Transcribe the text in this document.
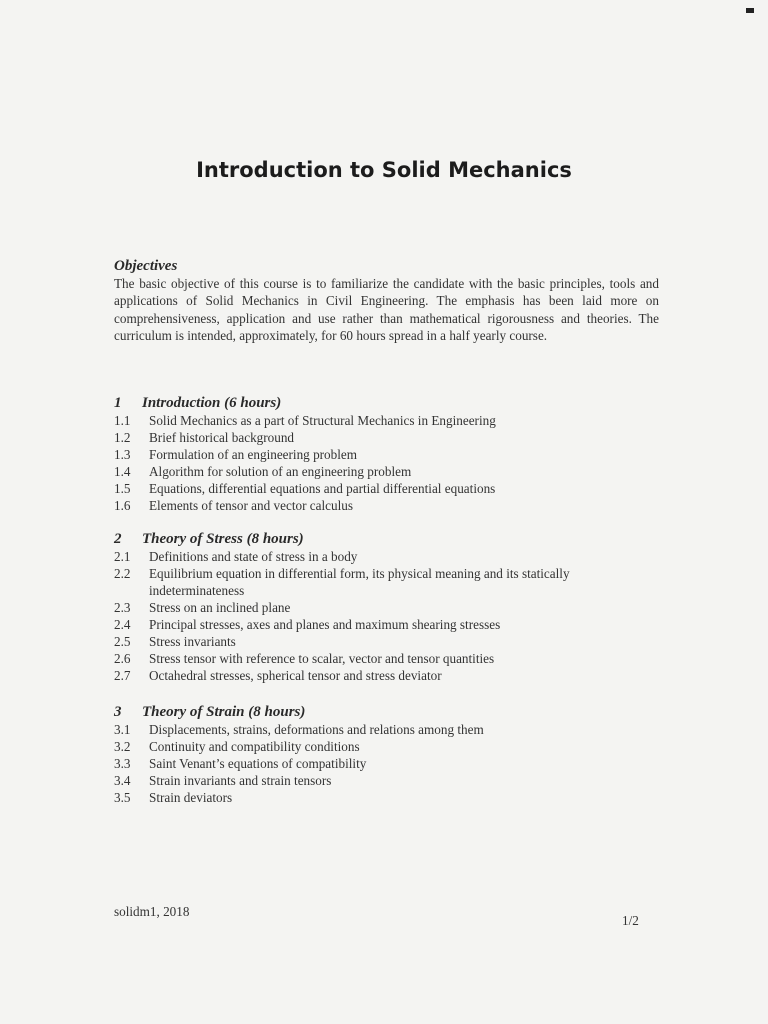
Introduction to Solid Mechanics
Objectives
The basic objective of this course is to familiarize the candidate with the basic principles, tools and applications of Solid Mechanics in Civil Engineering. The emphasis has been laid more on comprehensiveness, application and use rather than mathematical rigorousness and theories. The curriculum is intended, approximately, for 60 hours spread in a half yearly course.
1	Introduction (6 hours)
1.1	Solid Mechanics as a part of Structural Mechanics in Engineering
1.2	Brief historical background
1.3	Formulation of an engineering problem
1.4	Algorithm for solution of an engineering problem
1.5	Equations, differential equations and partial differential equations
1.6	Elements of tensor and vector calculus
2	Theory of Stress (8 hours)
2.1	Definitions and state of stress in a body
2.2	Equilibrium equation in differential form, its physical meaning and its statically indeterminateness
2.3	Stress on an inclined plane
2.4	Principal stresses, axes and planes and maximum shearing stresses
2.5	Stress invariants
2.6	Stress tensor with reference to scalar, vector and tensor quantities
2.7	Octahedral stresses, spherical tensor and stress deviator
3	Theory of Strain (8 hours)
3.1	Displacements, strains, deformations and relations among them
3.2	Continuity and compatibility conditions
3.3	Saint Venant’s equations of compatibility
3.4	Strain invariants and strain tensors
3.5	Strain deviators
solidm1, 2018
1/2
